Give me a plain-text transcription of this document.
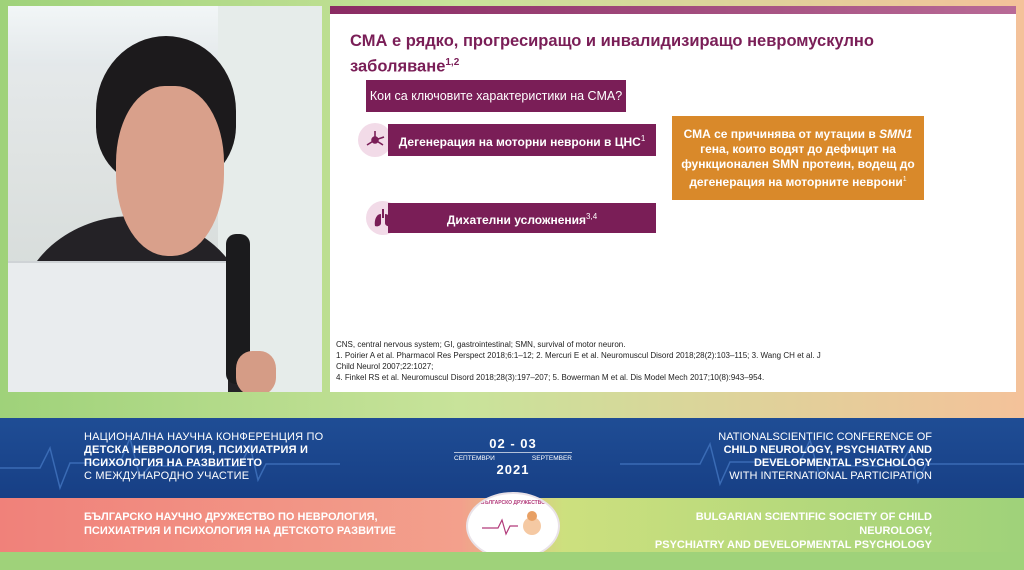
СМА е рядко, прогресиращо и инвалидизиращо невромускулно заболяване$^{1,2}$
Кои са ключовите характеристики на СМА?
Дегенерация на моторни неврони в ЦНС$^1$
Дихателни усложнения$^{3,4}$
СМА се причинява от мутации в SMN1 гена, които водят до дефицит на функционален SMN протеин, водещ до дегенерация на моторните неврони$^1$
CNS, central nervous system; GI, gastrointestinal; SMN, survival of motor neuron.
1. Poirier A et al. Pharmacol Res Perspect 2018;6:1–12; 2. Mercuri E et al. Neuromuscul Disord 2018;28(2):103–115; 3. Wang CH et al. J
Child Neurol 2007;22:1027;
4. Finkel RS et al. Neuromuscul Disord 2018;28(3):197–207; 5. Bowerman M et al. Dis Model Mech 2017;10(8):943–954.
НАЦИОНАЛНА НАУЧНА КОНФЕРЕНЦИЯ ПО
ДЕТСКА НЕВРОЛОГИЯ, ПСИХИАТРИЯ И
ПСИХОЛОГИЯ НА РАЗВИТИЕТО
С МЕЖДУНАРОДНО УЧАСТИЕ
02 - 03
СЕПТЕМВРИ	SEPTEMBER
2021
NATIONALSCIENTIFIC CONFERENCE OF
CHILD NEUROLOGY, PSYCHIATRY AND
DEVELOPMENTAL PSYCHOLOGY
WITH INTERNATIONAL PARTICIPATION
БЪЛГАРСКО НАУЧНО ДРУЖЕСТВО ПО НЕВРОЛОГИЯ,
ПСИХИАТРИЯ И ПСИХОЛОГИЯ НА ДЕТСКОТО РАЗВИТИЕ
BULGARIAN SCIENTIFIC SOCIETY OF CHILD NEUROLOGY,
PSYCHIATRY AND DEVELOPMENTAL PSYCHOLOGY
БЪЛГАРСКО ДРУЖЕСТВО
